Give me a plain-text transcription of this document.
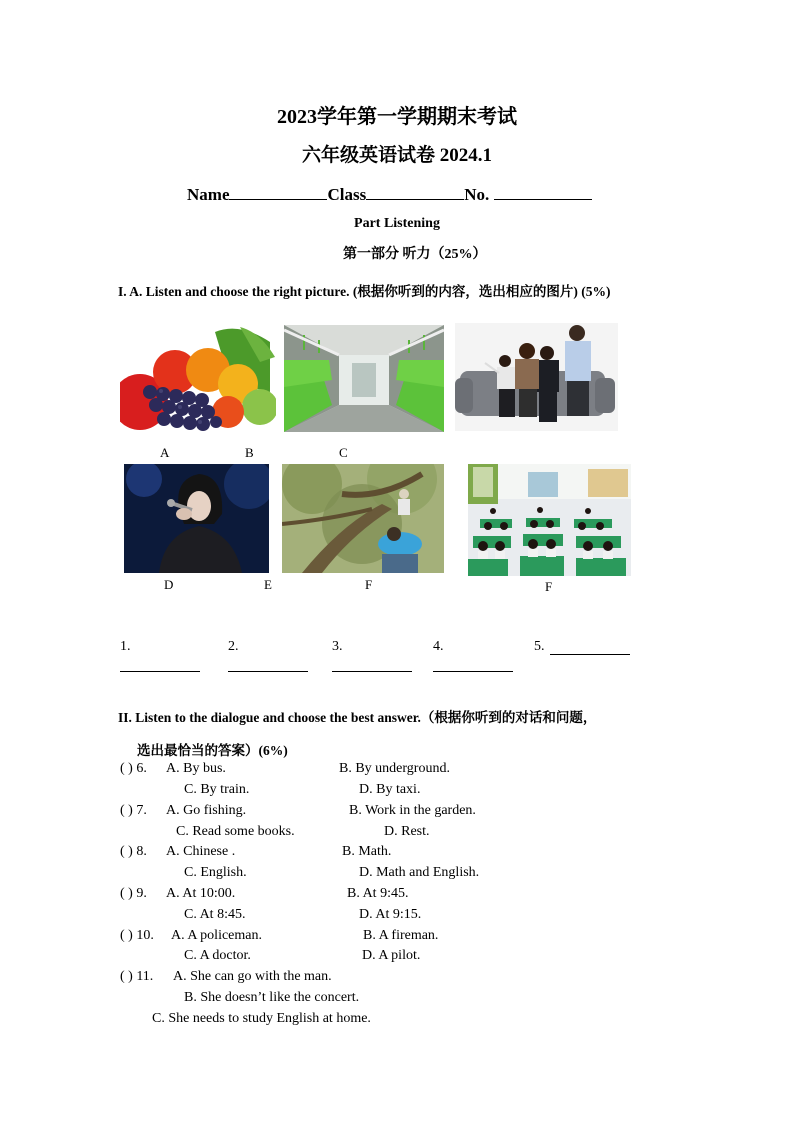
2023学年第一学期期末考试
六年级英语试卷 2024.1
Name	Class	No.
Part Listening
第一部分 听力（25%）
I. A. Listen and choose the right picture. (根据你听到的内容，选出相应的图片) (5%)
A	B	C
D	E	F	F
1.	2.	3.	4.	5.
II. Listen to the dialogue and choose the best answer.（根据你听到的对话和问题，
选出最恰当的答案）(6%)
( ) 6. A. By bus.	B. By underground.
C. By train.	D. By taxi.
( ) 7. A. Go fishing.	B. Work in the garden.
C. Read some books.	D. Rest.
( ) 8. A. Chinese .	B. Math.
C. English.	D. Math and English.
( ) 9. A. At 10:00.	B. At 9:45.
C. At 8:45.	D. At 9:15.
( ) 10. A. A policeman.	B. A fireman.
C. A doctor.	D. A pilot.
( ) 11. A. She can go with the man.
B. She doesn’t like the concert.
C. She needs to study English at home.
